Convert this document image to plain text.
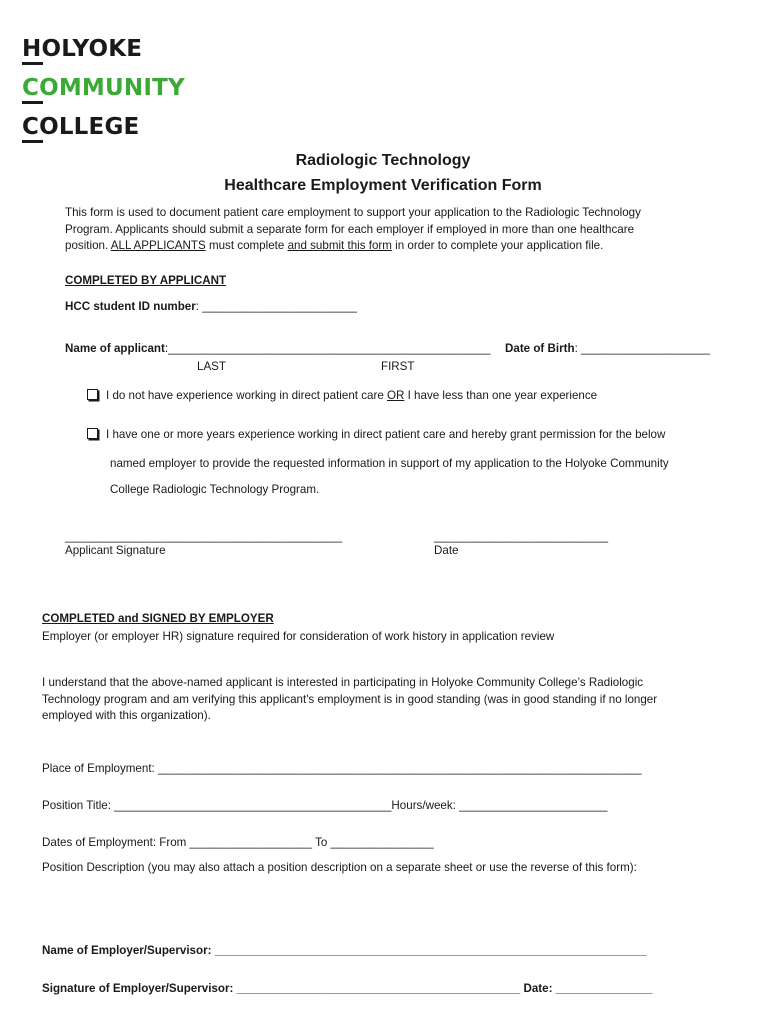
HOLYOKE
COMMUNITY
COLLEGE
Radiologic Technology
Healthcare Employment Verification Form
This form is used to document patient care employment to support your application to the Radiologic Technology
Program. Applicants should submit a separate form for each employer if employed in more than one healthcare
position. ALL APPLICANTS must complete and submit this form in order to complete your application file.
COMPLETED BY APPLICANT
HCC student ID number: ________________________
Name of applicant:__________________________________________________ Date of Birth: ____________________
LAST	FIRST
I do not have experience working in direct patient care OR I have less than one year experience
I have one or more years experience working in direct patient care and hereby grant permission for the below
named employer to provide the requested information in support of my application to the Holyoke Community
College Radiologic Technology Program.
___________________________________________	___________________________
Applicant Signature	Date
COMPLETED and SIGNED BY EMPLOYER
Employer (or employer HR) signature required for consideration of work history in application review
I understand that the above-named applicant is interested in participating in Holyoke Community College’s Radiologic
Technology program and am verifying this applicant's employment is in good standing (was in good standing if no longer
employed with this organization).
Place of Employment: ___________________________________________________________________________
Position Title: ___________________________________________Hours/week: _______________________
Dates of Employment: From ___________________ To ________________
Position Description (you may also attach a position description on a separate sheet or use the reverse of this form):
Name of Employer/Supervisor: ___________________________________________________________________
Signature of Employer/Supervisor: ____________________________________________ Date: _______________
